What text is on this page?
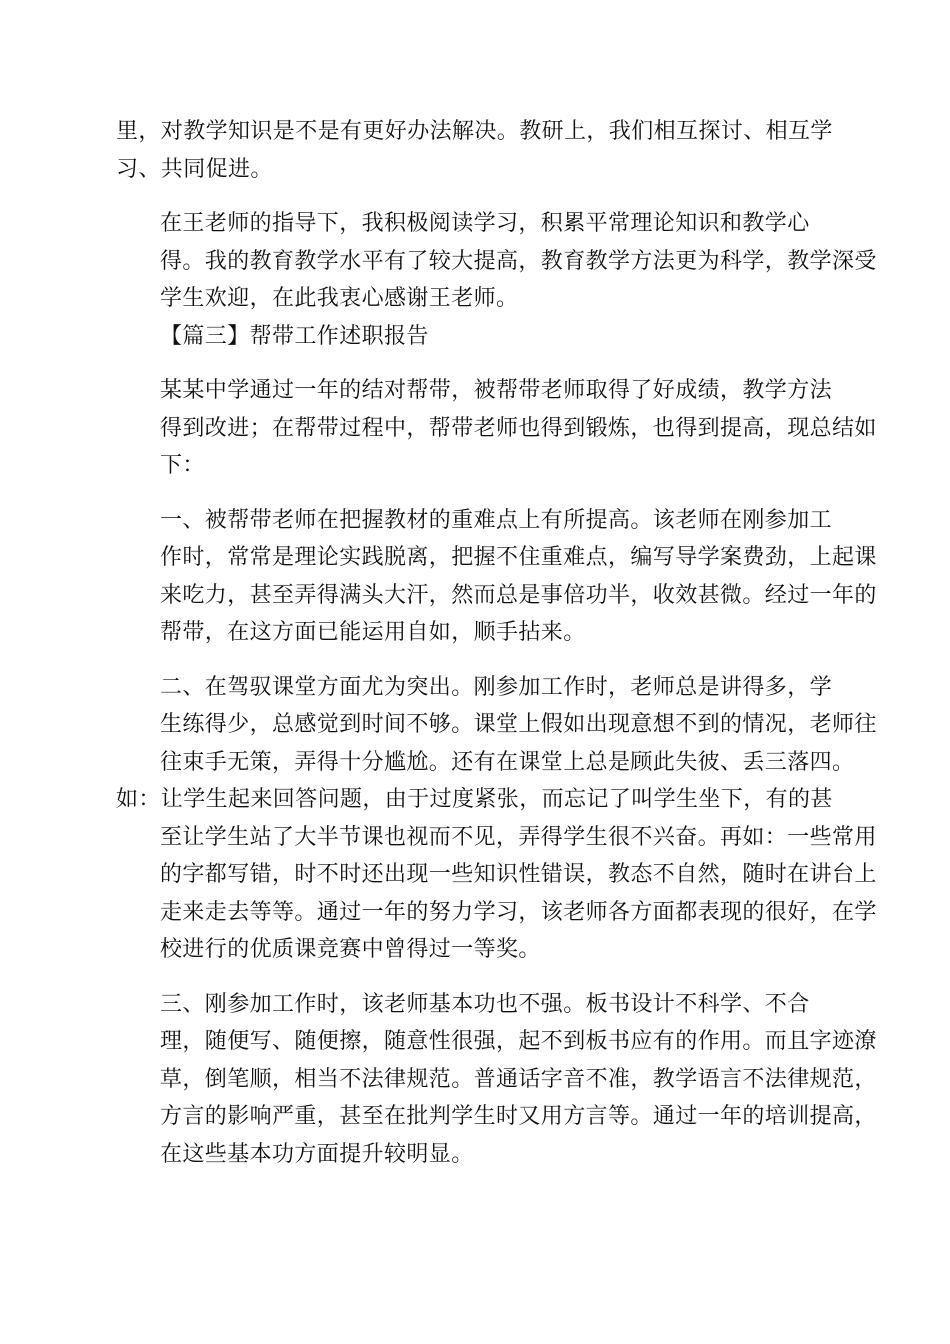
里，对教学知识是不是有更好办法解决。教研上，我们相互探讨、相互学
习、共同促进。

在王老师的指导下，我积极阅读学习，积累平常理论知识和教学心
得。我的教育教学水平有了较大提高，教育教学方法更为科学，教学深受
学生欢迎，在此我衷心感谢王老师。

【篇三】帮带工作述职报告

某某中学通过一年的结对帮带，被帮带老师取得了好成绩，教学方法
得到改进；在帮带过程中，帮带老师也得到锻炼，也得到提高，现总结如
下：

一、被帮带老师在把握教材的重难点上有所提高。该老师在刚参加工
作时，常常是理论实践脱离，把握不住重难点，编写导学案费劲，上起课
来吃力，甚至弄得满头大汗，然而总是事倍功半，收效甚微。经过一年的
帮带，在这方面已能运用自如，顺手拈来。

二、在驾驭课堂方面尤为突出。刚参加工作时，老师总是讲得多，学
生练得少，总感觉到时间不够。课堂上假如出现意想不到的情况，老师往
往束手无策，弄得十分尴尬。还有在课堂上总是顾此失彼、丢三落四。
如：让学生起来回答问题，由于过度紧张，而忘记了叫学生坐下，有的甚
至让学生站了大半节课也视而不见，弄得学生很不兴奋。再如：一些常用
的字都写错，时不时还出现一些知识性错误，教态不自然，随时在讲台上
走来走去等等。通过一年的努力学习，该老师各方面都表现的很好，在学
校进行的优质课竞赛中曾得过一等奖。

三、刚参加工作时，该老师基本功也不强。板书设计不科学、不合
理，随便写、随便擦，随意性很强，起不到板书应有的作用。而且字迹潦
草，倒笔顺，相当不法律规范。普通话字音不准，教学语言不法律规范，
方言的影响严重，甚至在批判学生时又用方言等。通过一年的培训提高，
在这些基本功方面提升较明显。
